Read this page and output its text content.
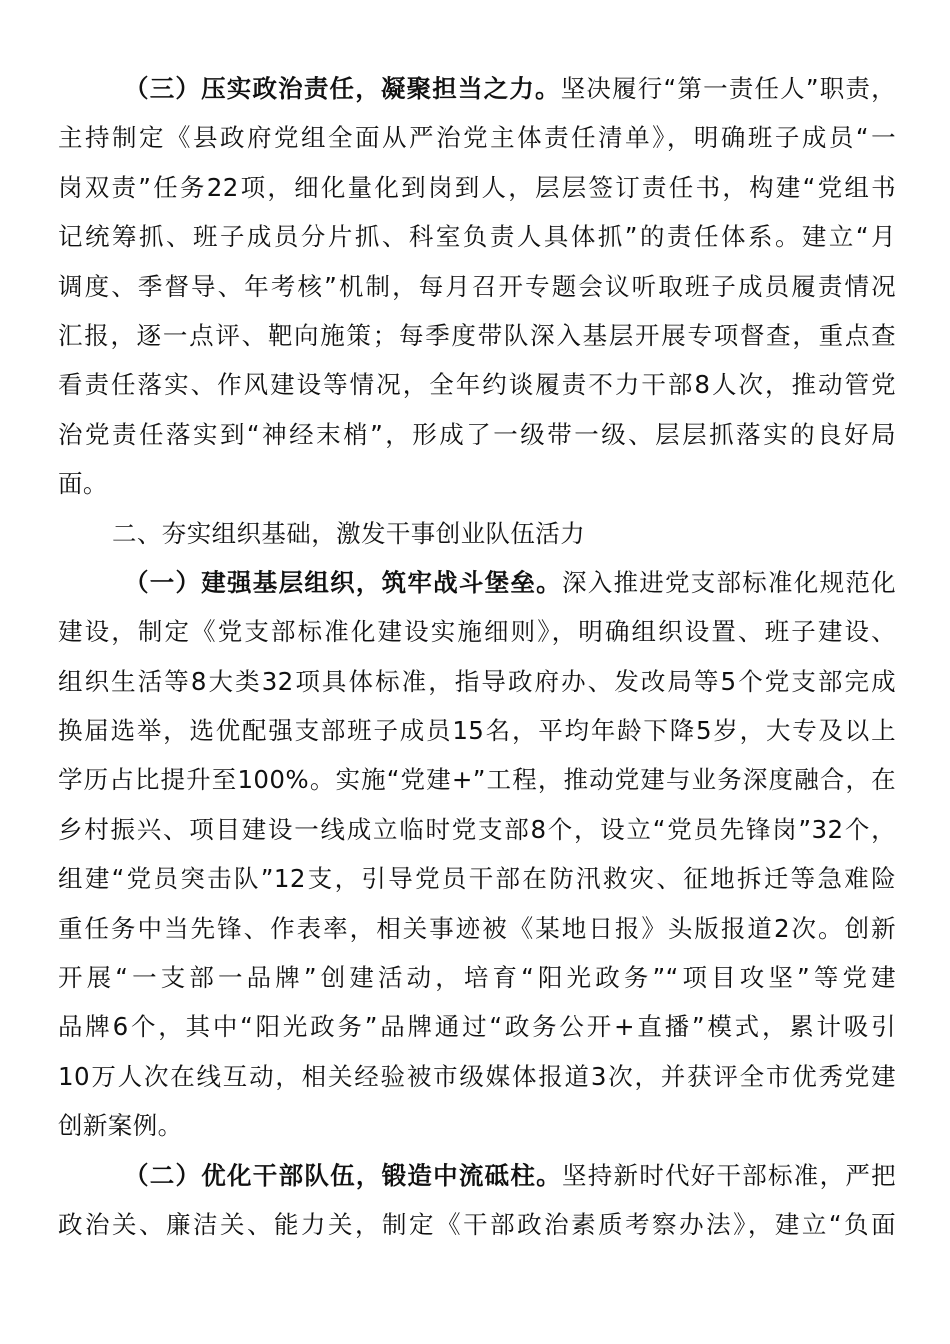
（三）压实政治责任，凝聚担当之力。坚决履行“第一责任人”职责，
主持制定《县政府党组全面从严治党主体责任清单》，明确班子成员“一
岗双责”任务22项，细化量化到岗到人，层层签订责任书，构建“党组书
记统筹抓、班子成员分片抓、科室负责人具体抓”的责任体系。建立“月
调度、季督导、年考核”机制，每月召开专题会议听取班子成员履责情况
汇报，逐一点评、靶向施策；每季度带队深入基层开展专项督查，重点查
看责任落实、作风建设等情况，全年约谈履责不力干部8人次，推动管党
治党责任落实到“神经末梢”，形成了一级带一级、层层抓落实的良好局
面。
二、夯实组织基础，激发干事创业队伍活力
（一）建强基层组织，筑牢战斗堡垒。深入推进党支部标准化规范化
建设，制定《党支部标准化建设实施细则》，明确组织设置、班子建设、
组织生活等8大类32项具体标准，指导政府办、发改局等5个党支部完成
换届选举，选优配强支部班子成员15名，平均年龄下降5岁，大专及以上
学历占比提升至100%。实施“党建+”工程，推动党建与业务深度融合，在
乡村振兴、项目建设一线成立临时党支部8个，设立“党员先锋岗”32个，
组建“党员突击队”12支，引导党员干部在防汛救灾、征地拆迁等急难险
重任务中当先锋、作表率，相关事迹被《某地日报》头版报道2次。创新
开展“一支部一品牌”创建活动，培育“阳光政务”“项目攻坚”等党建
品牌6个，其中“阳光政务”品牌通过“政务公开+直播”模式，累计吸引
10万人次在线互动，相关经验被市级媒体报道3次，并获评全市优秀党建
创新案例。
（二）优化干部队伍，锻造中流砥柱。坚持新时代好干部标准，严把
政治关、廉洁关、能力关，制定《干部政治素质考察办法》，建立“负面
